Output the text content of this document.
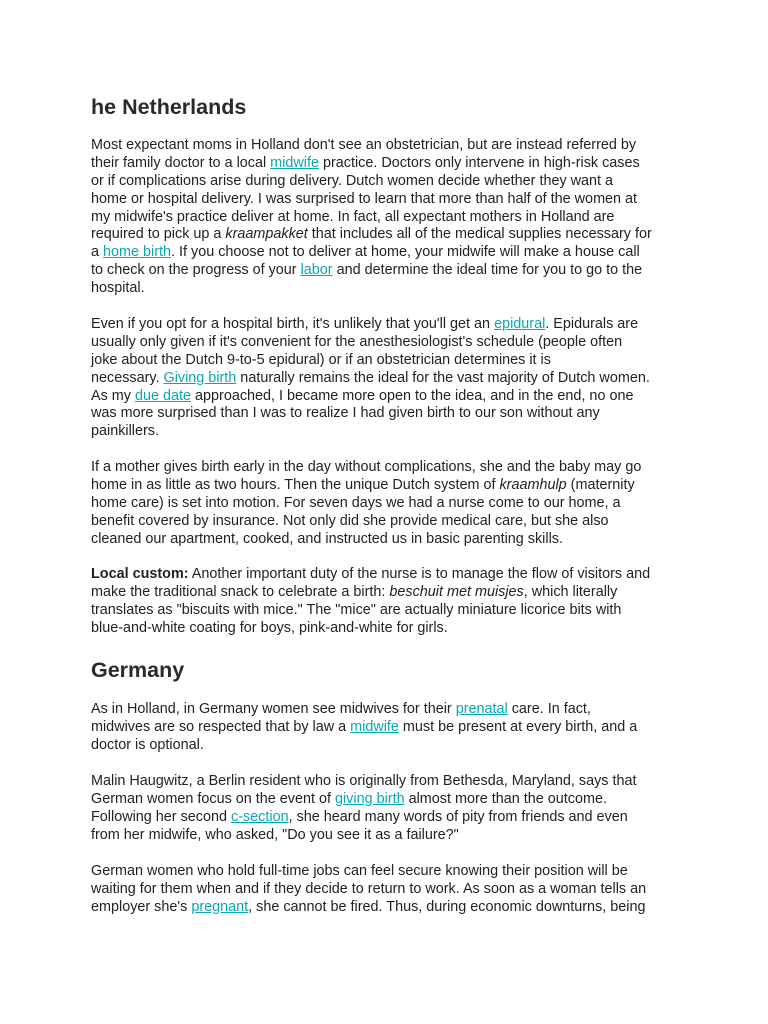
he Netherlands
Most expectant moms in Holland don't see an obstetrician, but are instead referred by
their family doctor to a local midwife practice. Doctors only intervene in high-risk cases
or if complications arise during delivery. Dutch women decide whether they want a
home or hospital delivery. I was surprised to learn that more than half of the women at
my midwife's practice deliver at home. In fact, all expectant mothers in Holland are
required to pick up a kraampakket that includes all of the medical supplies necessary for
a home birth. If you choose not to deliver at home, your midwife will make a house call
to check on the progress of your labor and determine the ideal time for you to go to the
hospital.
Even if you opt for a hospital birth, it's unlikely that you'll get an epidural. Epidurals are
usually only given if it's convenient for the anesthesiologist's schedule (people often
joke about the Dutch 9-to-5 epidural) or if an obstetrician determines it is
necessary. Giving birth naturally remains the ideal for the vast majority of Dutch women.
As my due date approached, I became more open to the idea, and in the end, no one
was more surprised than I was to realize I had given birth to our son without any
painkillers.
If a mother gives birth early in the day without complications, she and the baby may go
home in as little as two hours. Then the unique Dutch system of kraamhulp (maternity
home care) is set into motion. For seven days we had a nurse come to our home, a
benefit covered by insurance. Not only did she provide medical care, but she also
cleaned our apartment, cooked, and instructed us in basic parenting skills.
Local custom: Another important duty of the nurse is to manage the flow of visitors and
make the traditional snack to celebrate a birth: beschuit met muisjes, which literally
translates as "biscuits with mice." The "mice" are actually miniature licorice bits with
blue-and-white coating for boys, pink-and-white for girls.
Germany
As in Holland, in Germany women see midwives for their prenatal care. In fact,
midwives are so respected that by law a midwife must be present at every birth, and a
doctor is optional.
Malin Haugwitz, a Berlin resident who is originally from Bethesda, Maryland, says that
German women focus on the event of giving birth almost more than the outcome.
Following her second c-section, she heard many words of pity from friends and even
from her midwife, who asked, "Do you see it as a failure?"
German women who hold full-time jobs can feel secure knowing their position will be
waiting for them when and if they decide to return to work. As soon as a woman tells an
employer she's pregnant, she cannot be fired. Thus, during economic downturns, being
